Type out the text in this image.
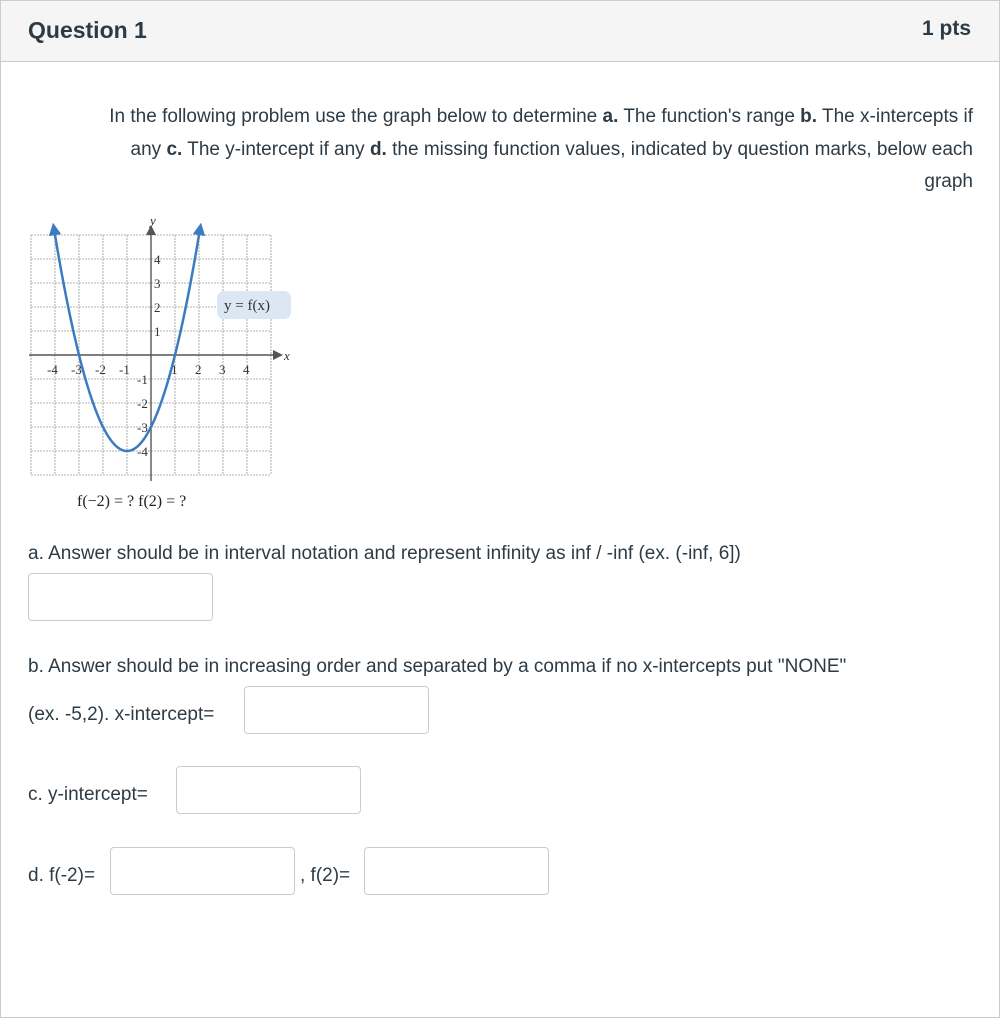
Question 1	1 pts
In the following problem use the graph below to determine a. The function's range b. The x-intercepts if any c. The y-intercept if any d. the missing function values, indicated by question marks, below each graph
x
y
-4 -3 -2 -1	1 2 3 4
4
3
2
1
-1
-2
-3
-4
y = f(x)
f(−2) = ? f(2) = ?
a. Answer should be in interval notation and represent infinity as inf / -inf (ex. (-inf, 6])
b. Answer should be in increasing order and separated by a comma if no x-intercepts put "NONE"
(ex. -5,2). x-intercept=
c. y-intercept=
d. f(-2)=	, f(2)=
